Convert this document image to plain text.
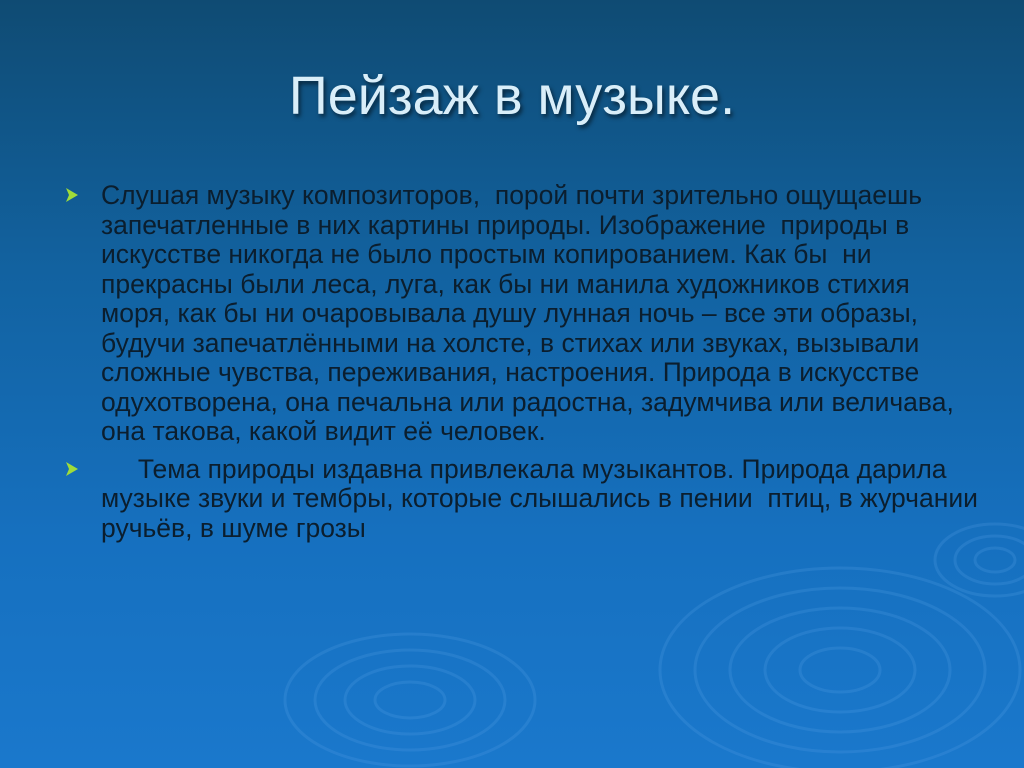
Пейзаж в музыке.
Слушая музыку композиторов,  порой почти зрительно ощущаешь запечатленные в них картины природы. Изображение  природы в искусстве никогда не было простым копированием. Как бы  ни прекрасны были леса, луга, как бы ни манила художников стихия моря, как бы ни очаровывала душу лунная ночь – все эти образы, будучи запечатлёнными на холсте, в стихах или звуках, вызывали сложные чувства, переживания, настроения. Природа в искусстве одухотворена, она печальна или радостна, задумчива или величава, она такова, какой видит её человек.
Тема природы издавна привлекала музыкантов. Природа дарила музыке звуки и тембры, которые слышались в пении  птиц, в журчании ручьёв, в шуме грозы
